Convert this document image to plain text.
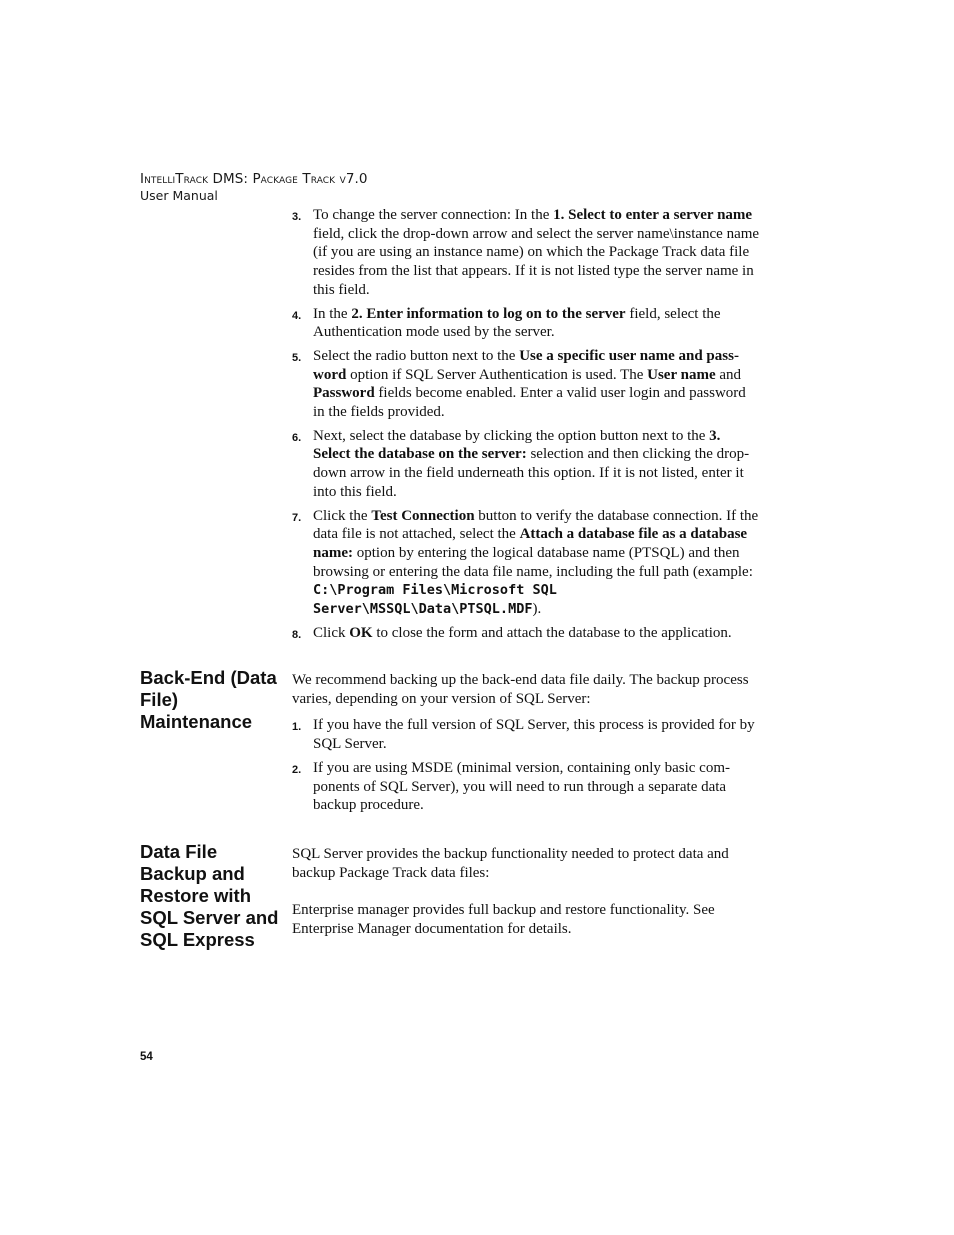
IntelliTrack DMS: Package Track v7.0
User Manual
3. To change the server connection: In the 1. Select to enter a server name field, click the drop-down arrow and select the server name\instance name (if you are using an instance name) on which the Package Track data file resides from the list that appears. If it is not listed type the server name in this field.
4. In the 2. Enter information to log on to the server field, select the Authentication mode used by the server.
5. Select the radio button next to the Use a specific user name and password option if SQL Server Authentication is used. The User name and Password fields become enabled. Enter a valid user login and password in the fields provided.
6. Next, select the database by clicking the option button next to the 3. Select the database on the server: selection and then clicking the drop-down arrow in the field underneath this option. If it is not listed, enter it into this field.
7. Click the Test Connection button to verify the database connection. If the data file is not attached, select the Attach a database file as a database name: option by entering the logical database name (PTSQL) and then browsing or entering the data file name, including the full path (example: C:\Program Files\Microsoft SQL Server\MSSQL\Data\PTSQL.MDF).
8. Click OK to close the form and attach the database to the application.
Back-End (Data File) Maintenance

We recommend backing up the back-end data file daily. The backup process varies, depending on your version of SQL Server:

1. If you have the full version of SQL Server, this process is provided for by SQL Server.
2. If you are using MSDE (minimal version, containing only basic components of SQL Server), you will need to run through a separate data backup procedure.
Data File Backup and Restore with SQL Server and SQL Express

SQL Server provides the backup functionality needed to protect data and backup Package Track data files:

Enterprise manager provides full backup and restore functionality. See Enterprise Manager documentation for details.

54
